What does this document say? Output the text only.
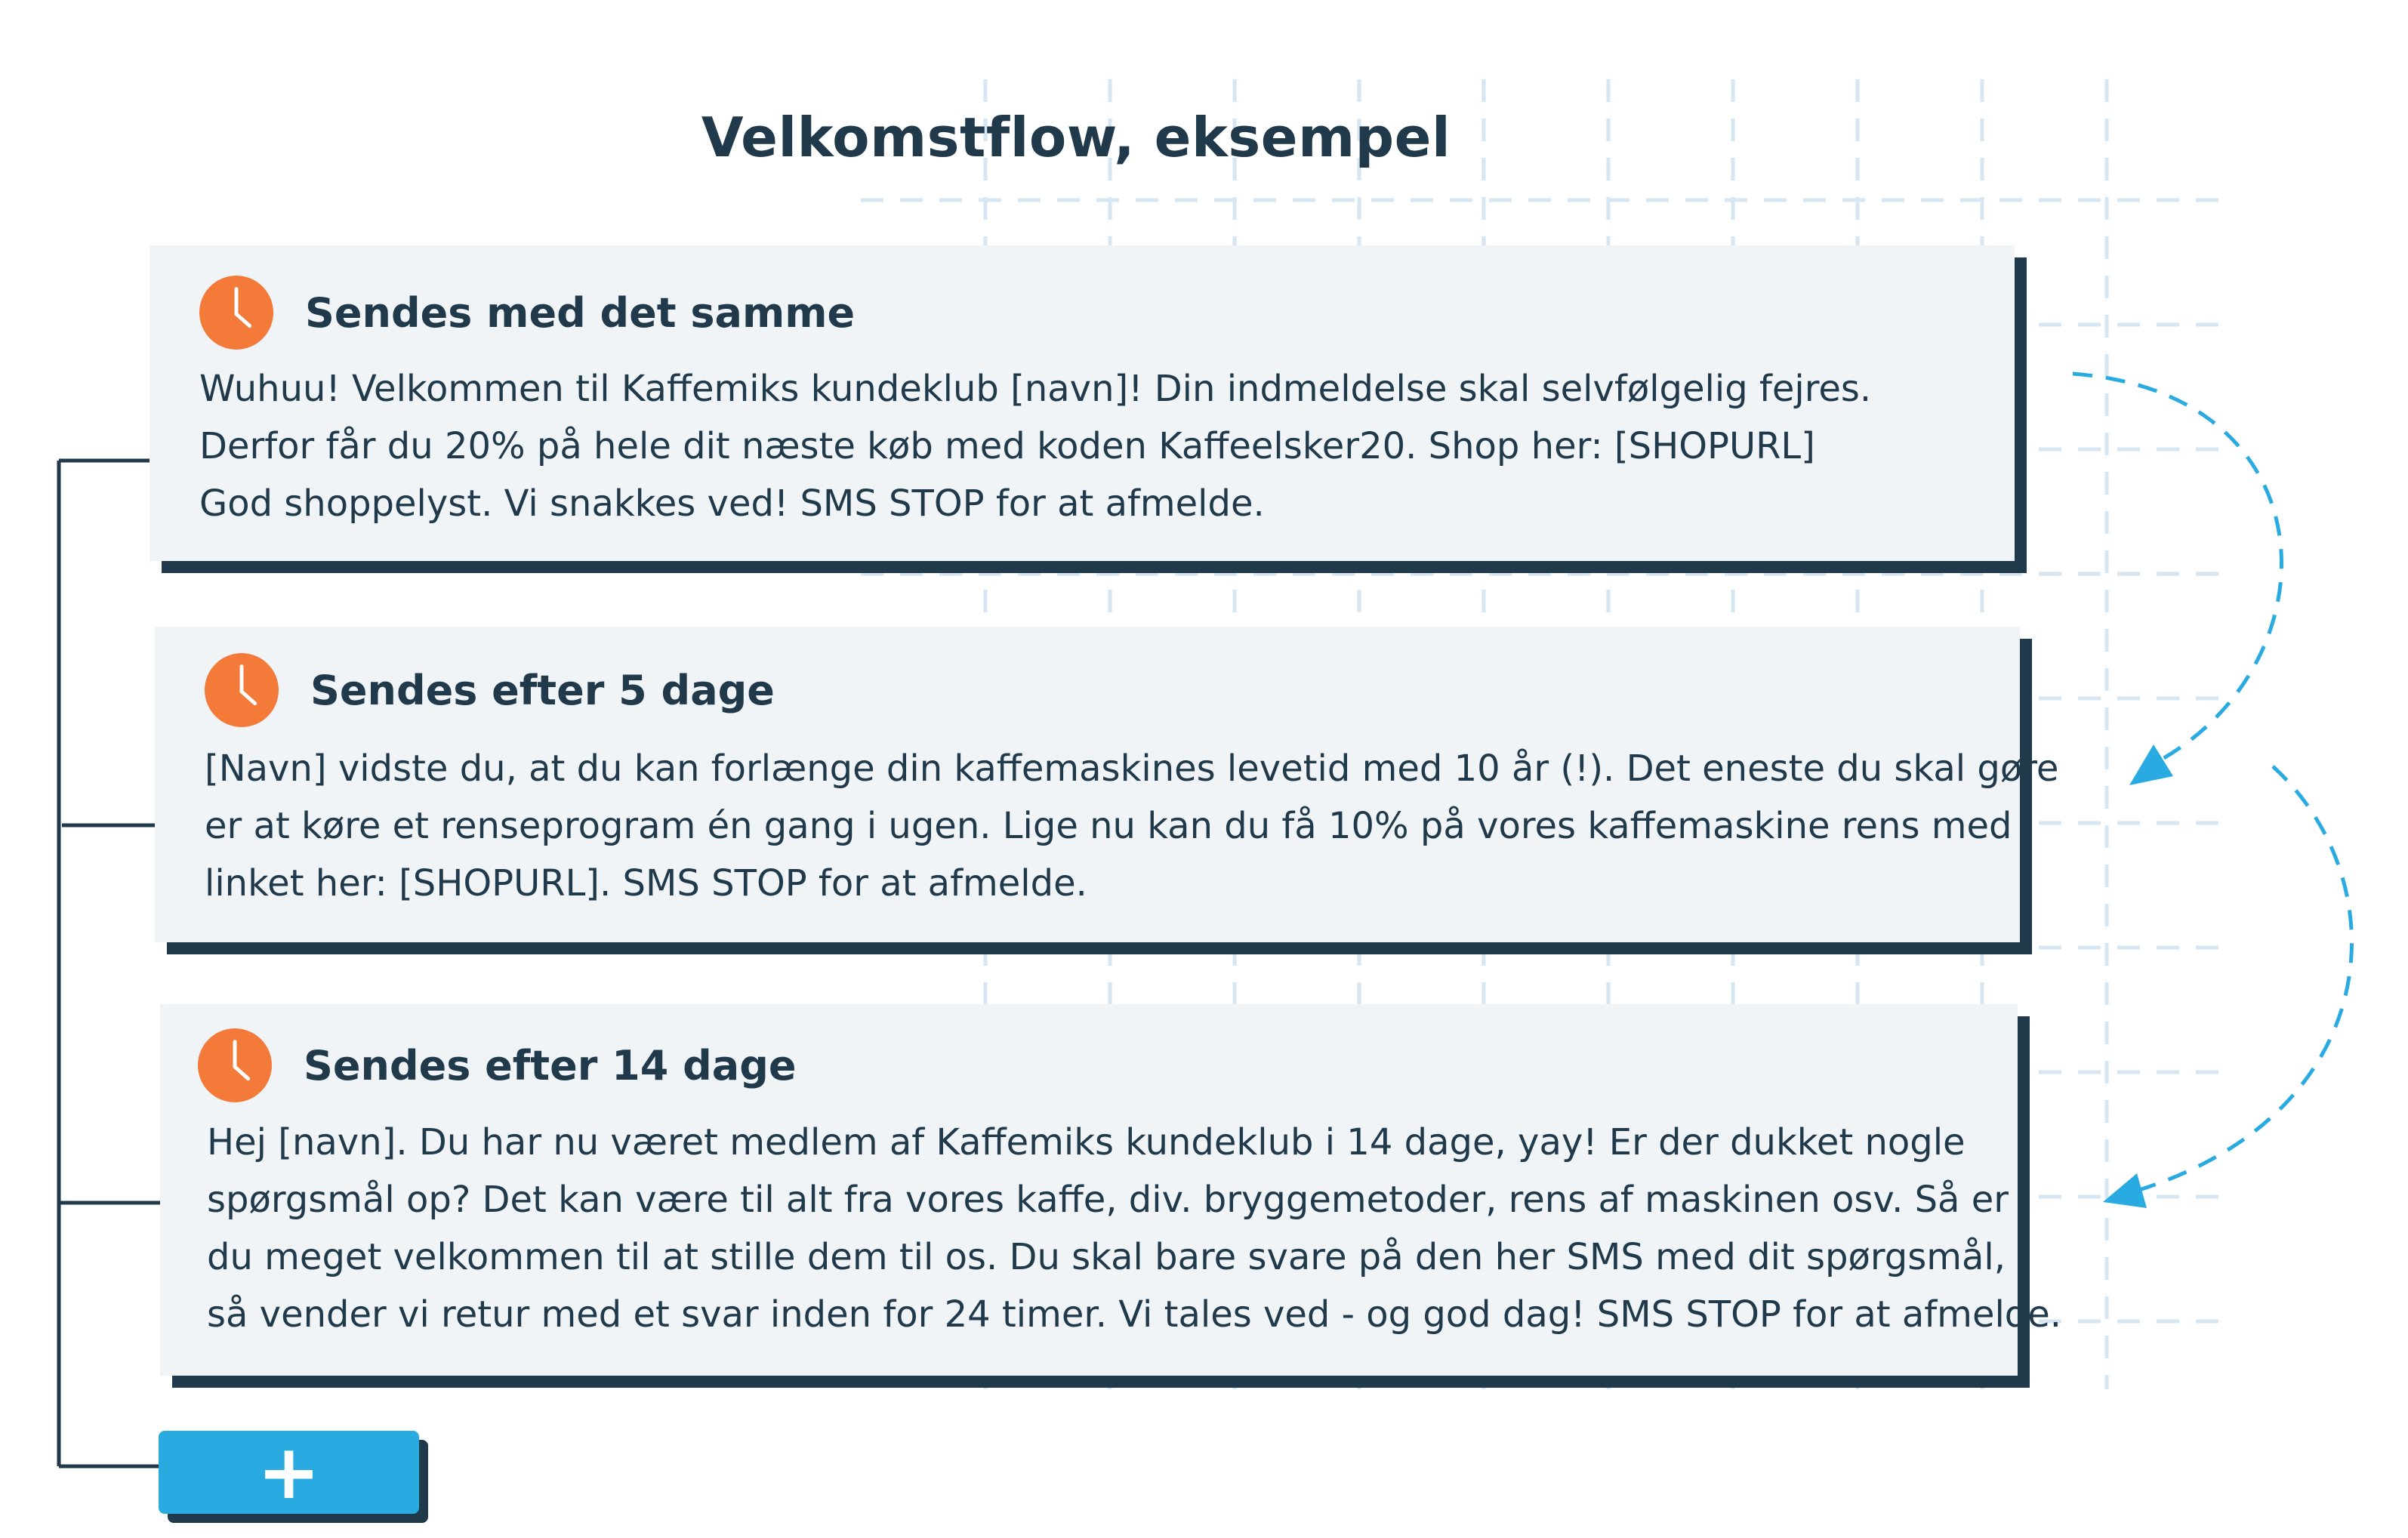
Velkomstflow, eksempel
Sendes med det samme
Wuhuu! Velkommen til Kaffemiks kundeklub [navn]! Din indmeldelse skal selvfølgelig fejres.
Derfor får du 20% på hele dit næste køb med koden Kaffeelsker20. Shop her: [SHOPURL]
God shoppelyst. Vi snakkes ved! SMS STOP for at afmelde.
Sendes efter 5 dage
[Navn] vidste du, at du kan forlænge din kaffemaskines levetid med 10 år (!). Det eneste du skal gøre
er at køre et renseprogram én gang i ugen. Lige nu kan du få 10% på vores kaffemaskine rens med
linket her: [SHOPURL]. SMS STOP for at afmelde.
Sendes efter 14 dage
Hej [navn]. Du har nu været medlem af Kaffemiks kundeklub i 14 dage, yay! Er der dukket nogle
spørgsmål op? Det kan være til alt fra vores kaffe, div. bryggemetoder, rens af maskinen osv. Så er
du meget velkommen til at stille dem til os. Du skal bare svare på den her SMS med dit spørgsmål,
så vender vi retur med et svar inden for 24 timer. Vi tales ved - og god dag! SMS STOP for at afmelde.
+
